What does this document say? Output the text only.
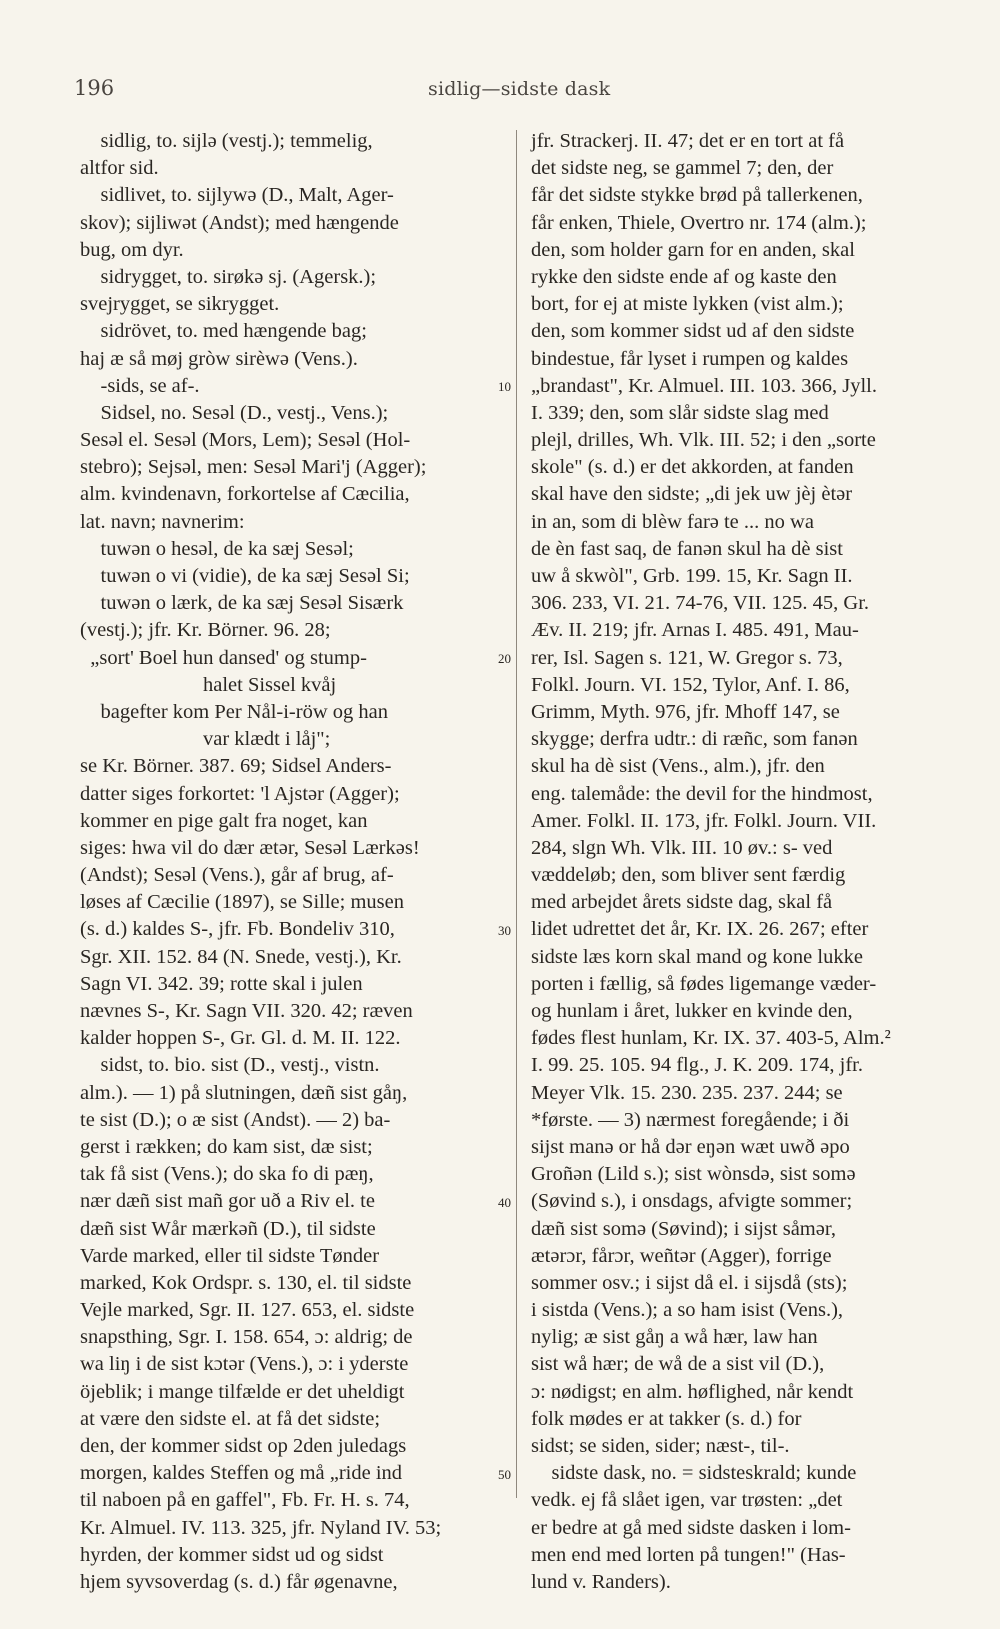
196	sidlig—sidste dask
sidlig, to. sijlə (vestj.); temmelig,
altfor sid.
sidlivet, to. sijlywə (D., Malt, Ager-
skov); sijliwət (Andst); med hængende
bug, om dyr.
sidrygget, to. sirøkə sj. (Agersk.);
svejrygget, se sikrygget.
sidrövet, to. med hængende bag;
haj æ så møj gròw sirèwə (Vens.).
-sids, se af-.
Sidsel, no. Sesəl (D., vestj., Vens.);
Sesəl el. Sesəl (Mors, Lem); Sesəl (Hol-
stebro); Sejsəl, men: Sesəl Mari'j (Agger);
alm. kvindenavn, forkortelse af Cæcilia,
lat. navn; navnerim:
tuwən o hesəl, de ka sæj Sesəl;
tuwən o vi (vidie), de ka sæj Sesəl Si;
tuwən o lærk, de ka sæj Sesəl Sisærk
(vestj.); jfr. Kr. Börner. 96. 28;
„sort' Boel hun dansed' og stump-
halet Sissel kvåj
bagefter kom Per Nål-i-röw og han
var klædt i låj";
se Kr. Börner. 387. 69; Sidsel Anders-
datter siges forkortet: 'l Ajstər (Agger);
kommer en pige galt fra noget, kan
siges: hwa vil do dær ætər, Sesəl Lærkəs!
(Andst); Sesəl (Vens.), går af brug, af-
løses af Cæcilie (1897), se Sille; musen
(s. d.) kaldes S-, jfr. Fb. Bondeliv 310,
Sgr. XII. 152. 84 (N. Snede, vestj.), Kr.
Sagn VI. 342. 39; rotte skal i julen
nævnes S-, Kr. Sagn VII. 320. 42; ræven
kalder hoppen S-, Gr. Gl. d. M. II. 122.
sidst, to. bio. sist (D., vestj., vistn.
alm.). — 1) på slutningen, dæñ sist gåŋ,
te sist (D.); o æ sist (Andst). — 2) ba-
gerst i rækken; do kam sist, dæ sist;
tak få sist (Vens.); do ska fo di pæŋ,
nær dæñ sist mañ gor uð a Riv el. te
dæñ sist Wår mærkəñ (D.), til sidste
Varde marked, eller til sidste Tønder
marked, Kok Ordspr. s. 130, el. til sidste
Vejle marked, Sgr. II. 127. 653, el. sidste
snapsthing, Sgr. I. 158. 654, ɔ: aldrig; de
wa liŋ i de sist kɔtər (Vens.), ɔ: i yderste
öjeblik; i mange tilfælde er det uheldigt
at være den sidste el. at få det sidste;
den, der kommer sidst op 2den juledags
morgen, kaldes Steffen og må „ride ind
til naboen på en gaffel", Fb. Fr. H. s. 74,
Kr. Almuel. IV. 113. 325, jfr. Nyland IV. 53;
hyrden, der kommer sidst ud og sidst
hjem syvsoverdag (s. d.) får øgenavne,
10
20
30
40
50
jfr. Strackerj. II. 47; det er en tort at få
det sidste neg, se gammel 7; den, der
får det sidste stykke brød på tallerkenen,
får enken, Thiele, Overtro nr. 174 (alm.);
den, som holder garn for en anden, skal
rykke den sidste ende af og kaste den
bort, for ej at miste lykken (vist alm.);
den, som kommer sidst ud af den sidste
bindestue, får lyset i rumpen og kaldes
„brandast", Kr. Almuel. III. 103. 366, Jyll.
I. 339; den, som slår sidste slag med
plejl, drilles, Wh. Vlk. III. 52; i den „sorte
skole" (s. d.) er det akkorden, at fanden
skal have den sidste; „di jek uw jèj ètər
in an, som di blèw farə te ... no wa
de èn fast saq, de fanən skul ha dè sist
uw å skwòl", Grb. 199. 15, Kr. Sagn II.
306. 233, VI. 21. 74-76, VII. 125. 45, Gr.
Æv. II. 219; jfr. Arnas I. 485. 491, Mau-
rer, Isl. Sagen s. 121, W. Gregor s. 73,
Folkl. Journ. VI. 152, Tylor, Anf. I. 86,
Grimm, Myth. 976, jfr. Mhoff 147, se
skygge; derfra udtr.: di ræñc, som fanən
skul ha dè sist (Vens., alm.), jfr. den
eng. talemåde: the devil for the hindmost,
Amer. Folkl. II. 173, jfr. Folkl. Journ. VII.
284, slgn Wh. Vlk. III. 10 øv.: s- ved
væddeløb; den, som bliver sent færdig
med arbejdet årets sidste dag, skal få
lidet udrettet det år, Kr. IX. 26. 267; efter
sidste læs korn skal mand og kone lukke
porten i fællig, så fødes ligemange væder-
og hunlam i året, lukker en kvinde den,
fødes flest hunlam, Kr. IX. 37. 403-5, Alm.²
I. 99. 25. 105. 94 flg., J. K. 209. 174, jfr.
Meyer Vlk. 15. 230. 235. 237. 244; se
*første. — 3) nærmest foregående; i ði
sijst manə or hå dər eŋən wæt uwð əpo
Groñən (Lild s.); sist wònsdə, sist somə
(Søvind s.), i onsdags, afvigte sommer;
dæñ sist somə (Søvind); i sijst såmər,
ætərɔr, fårɔr, weñtər (Agger), forrige
sommer osv.; i sijst då el. i sijsdå (sts);
i sistda (Vens.); a so ham isist (Vens.),
nylig; æ sist gåŋ a wå hær, law han
sist wå hær; de wå de a sist vil (D.),
ɔ: nødigst; en alm. høflighed, når kendt
folk mødes er at takker (s. d.) for
sidst; se siden, sider; næst-, til-.
sidste dask, no. = sidsteskrald; kunde
vedk. ej få slået igen, var trøsten: „det
er bedre at gå med sidste dasken i lom-
men end med lorten på tungen!" (Has-
lund v. Randers).
